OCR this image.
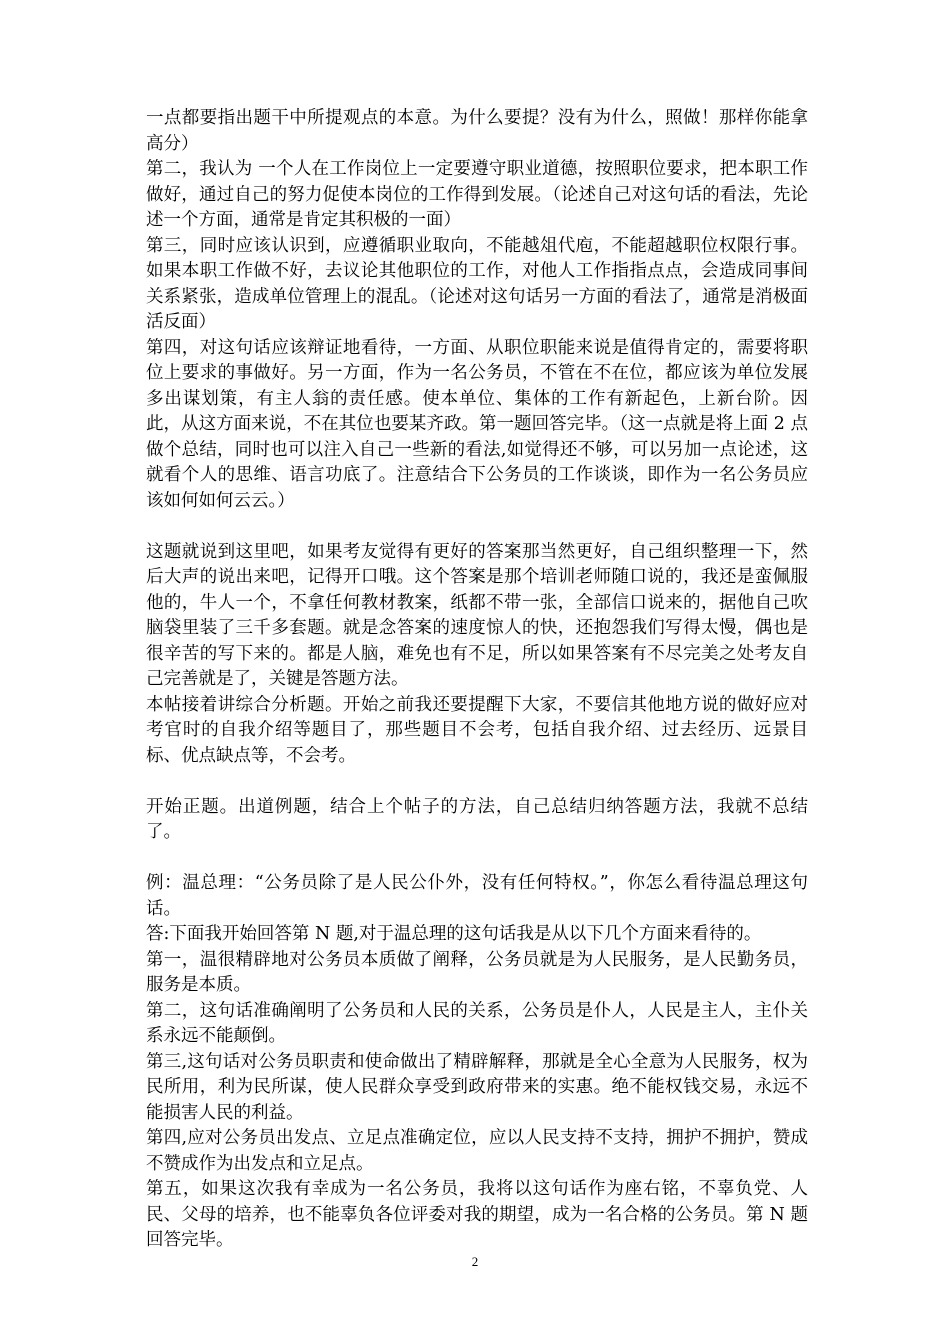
一点都要指出题干中所提观点的本意。为什么要提？没有为什么，照做！那样你能拿高分）

第二，我认为 一个人在工作岗位上一定要遵守职业道德，按照职位要求，把本职工作做好，通过自己的努力促使本岗位的工作得到发展。（论述自己对这句话的看法，先论述一个方面，通常是肯定其积极的一面）

第三，同时应该认识到，应遵循职业取向，不能越俎代庖，不能超越职位权限行事。如果本职工作做不好，去议论其他职位的工作，对他人工作指指点点，会造成同事间关系紧张，造成单位管理上的混乱。（论述对这句话另一方面的看法了，通常是消极面活反面）

第四，对这句话应该辩证地看待，一方面、从职位职能来说是值得肯定的，需要将职位上要求的事做好。另一方面，作为一名公务员，不管在不在位，都应该为单位发展多出谋划策，有主人翁的责任感。使本单位、集体的工作有新起色，上新台阶。因此，从这方面来说，不在其位也要某齐政。第一题回答完毕。（这一点就是将上面 2 点做个总结，同时也可以注入自己一些新的看法,如觉得还不够，可以另加一点论述，这就看个人的思维、语言功底了。注意结合下公务员的工作谈谈，即作为一名公务员应该如何如何云云。）

这题就说到这里吧，如果考友觉得有更好的答案那当然更好，自己组织整理一下，然后大声的说出来吧，记得开口哦。这个答案是那个培训老师随口说的，我还是蛮佩服他的，牛人一个，不拿任何教材教案，纸都不带一张，全部信口说来的，据他自己吹脑袋里装了三千多套题。就是念答案的速度惊人的快，还抱怨我们写得太慢，偶也是很辛苦的写下来的。都是人脑，难免也有不足，所以如果答案有不尽完美之处考友自己完善就是了，关键是答题方法。

本帖接着讲综合分析题。开始之前我还要提醒下大家，不要信其他地方说的做好应对考官时的自我介绍等题目了，那些题目不会考，包括自我介绍、过去经历、远景目标、优点缺点等，不会考。

开始正题。出道例题，结合上个帖子的方法，自己总结归纳答题方法，我就不总结了。

例：温总理：“公务员除了是人民公仆外，没有任何特权。”，你怎么看待温总理这句话。

答:下面我开始回答第 N 题,对于温总理的这句话我是从以下几个方面来看待的。

第一，温很精辟地对公务员本质做了阐释，公务员就是为人民服务，是人民勤务员，服务是本质。

第二，这句话准确阐明了公务员和人民的关系，公务员是仆人，人民是主人，主仆关系永远不能颠倒。

第三,这句话对公务员职责和使命做出了精辟解释，那就是全心全意为人民服务，权为民所用，利为民所谋，使人民群众享受到政府带来的实惠。绝不能权钱交易，永远不能损害人民的利益。

第四,应对公务员出发点、立足点准确定位，应以人民支持不支持，拥护不拥护，赞成不赞成作为出发点和立足点。

第五，如果这次我有幸成为一名公务员，我将以这句话作为座右铭，不辜负党、人民、父母的培养，也不能辜负各位评委对我的期望，成为一名合格的公务员。第 N 题回答完毕。

2
